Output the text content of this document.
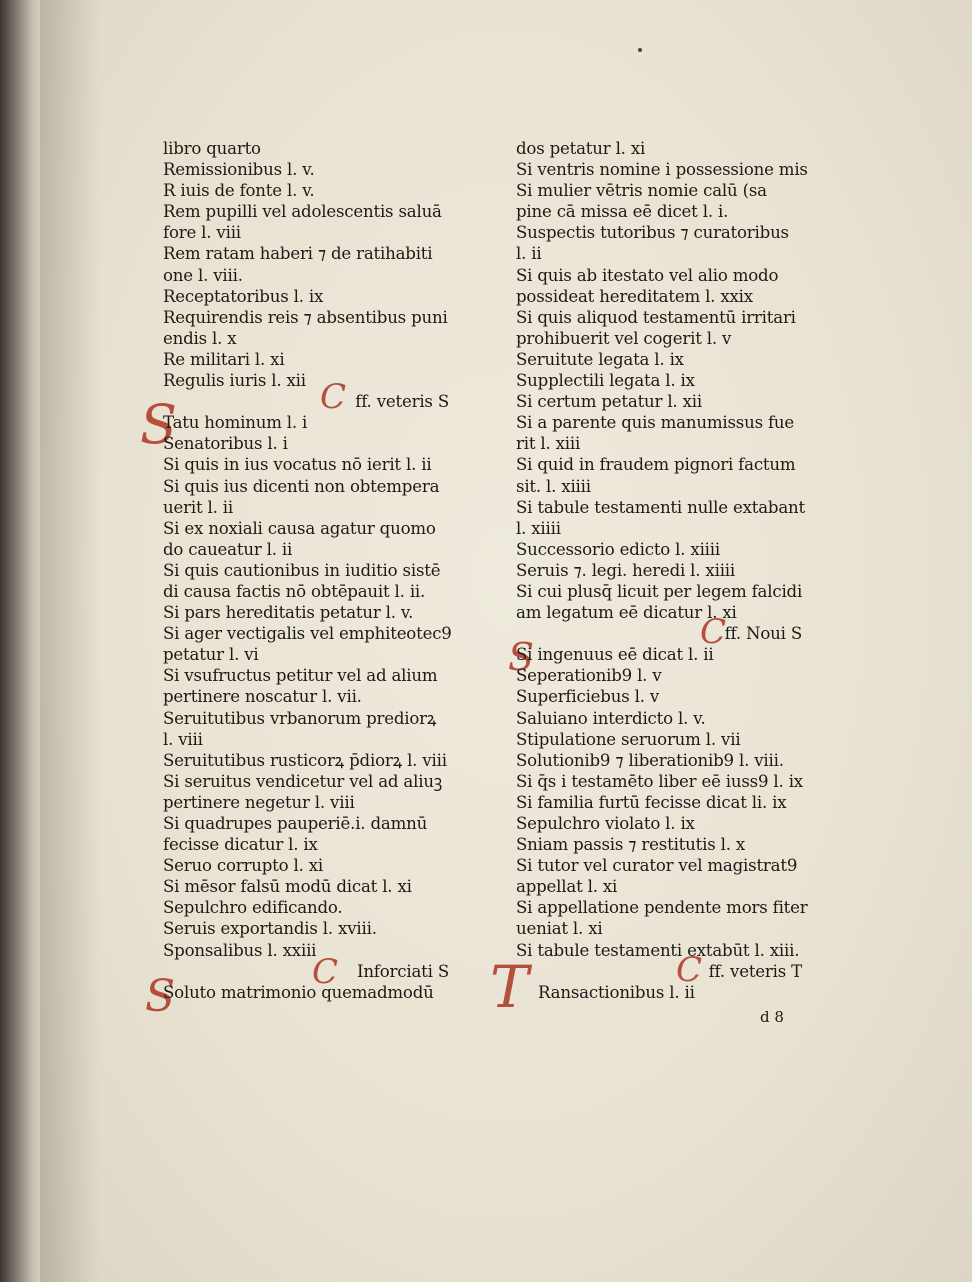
S	C
C
S
C
S
C
T
libro quarto
Remissionibus l. v.
R iuis de fonte l. v.
Rem pupilli vel adolescentis saluā
fore l. viii
Rem ratam haberi ⁊ de ratihabiti
one l. viii.
Receptatoribus l. ix
Requirendis reis ⁊ absentibus puni
endis l. x
Re militari l. xi
Regulis iuris l. xii
ff. veteris S
Tatu hominum l. i
Senatoribus l. i
Si quis in ius vocatus nō ierit l. ii
Si quis ius dicenti non obtempera
uerit l. ii
Si ex noxiali causa agatur quomo
do caueatur l. ii
Si quis cautionibus in iuditio sistē
di causa factis nō obtēpauit l. ii.
Si pars hereditatis petatur l. v.
Si ager vectigalis vel emphiteotec9
petatur l. vi
Si vsufructus petitur vel ad alium
pertinere noscatur l. vii.
Seruitutibus vrbanorum prediorꝝ
l. viii
Seruitutibus rusticorꝝ p̄diorꝝ l. viii
Si seruitus vendicetur vel ad aliuꝫ
pertinere negetur l. viii
Si quadrupes pauperiē.i. damnū
fecisse dicatur l. ix
Seruo corrupto l. xi
Si mēsor falsū modū dicat l. xi
Sepulchro edificando.
Seruis exportandis l. xviii.
Sponsalibus l. xxiii
Inforciati S
Soluto matrimonio quemadmodū
dos petatur l. xi
Si ventris nomine i possessione mis
Si mulier vētris nomie calū (sa
pine cā missa eē dicet l. i.
Suspectis tutoribus ⁊ curatoribus
l. ii
Si quis ab itestato vel alio modo
possideat hereditatem l. xxix
Si quis aliquod testamentū irritari
prohibuerit vel cogerit l. v
Seruitute legata l. ix
Supplectili legata l. ix
Si certum petatur l. xii
Si a parente quis manumissus fue
rit l. xiii
Si quid in fraudem pignori factum
sit. l. xiiii
Si tabule testamenti nulle extabant
l. xiiii
Successorio edicto l. xiiii
Seruis ⁊. legi. heredi l. xiiii
Si cui plusq̄ licuit per legem falcidi
am legatum eē dicatur l. xi
ff. Noui S
Si ingenuus eē dicat l. ii
Seperationib9 l. v
Superficiebus l. v
Saluiano interdicto l. v.
Stipulatione seruorum l. vii
Solutionib9 ⁊ liberationib9 l. viii.
Si q̄s i testamēto liber eē iuss9 l. ix
Si familia furtū fecisse dicat li. ix
Sepulchro violato l. ix
Sniam passis ⁊ restitutis l. x
Si tutor vel curator vel magistrat9
appellat l. xi
Si appellatione pendente mors fiter
ueniat l. xi
Si tabule testamenti extabūt l. xiii.
ff. veteris T
Ransactionibus l. ii
d 8
